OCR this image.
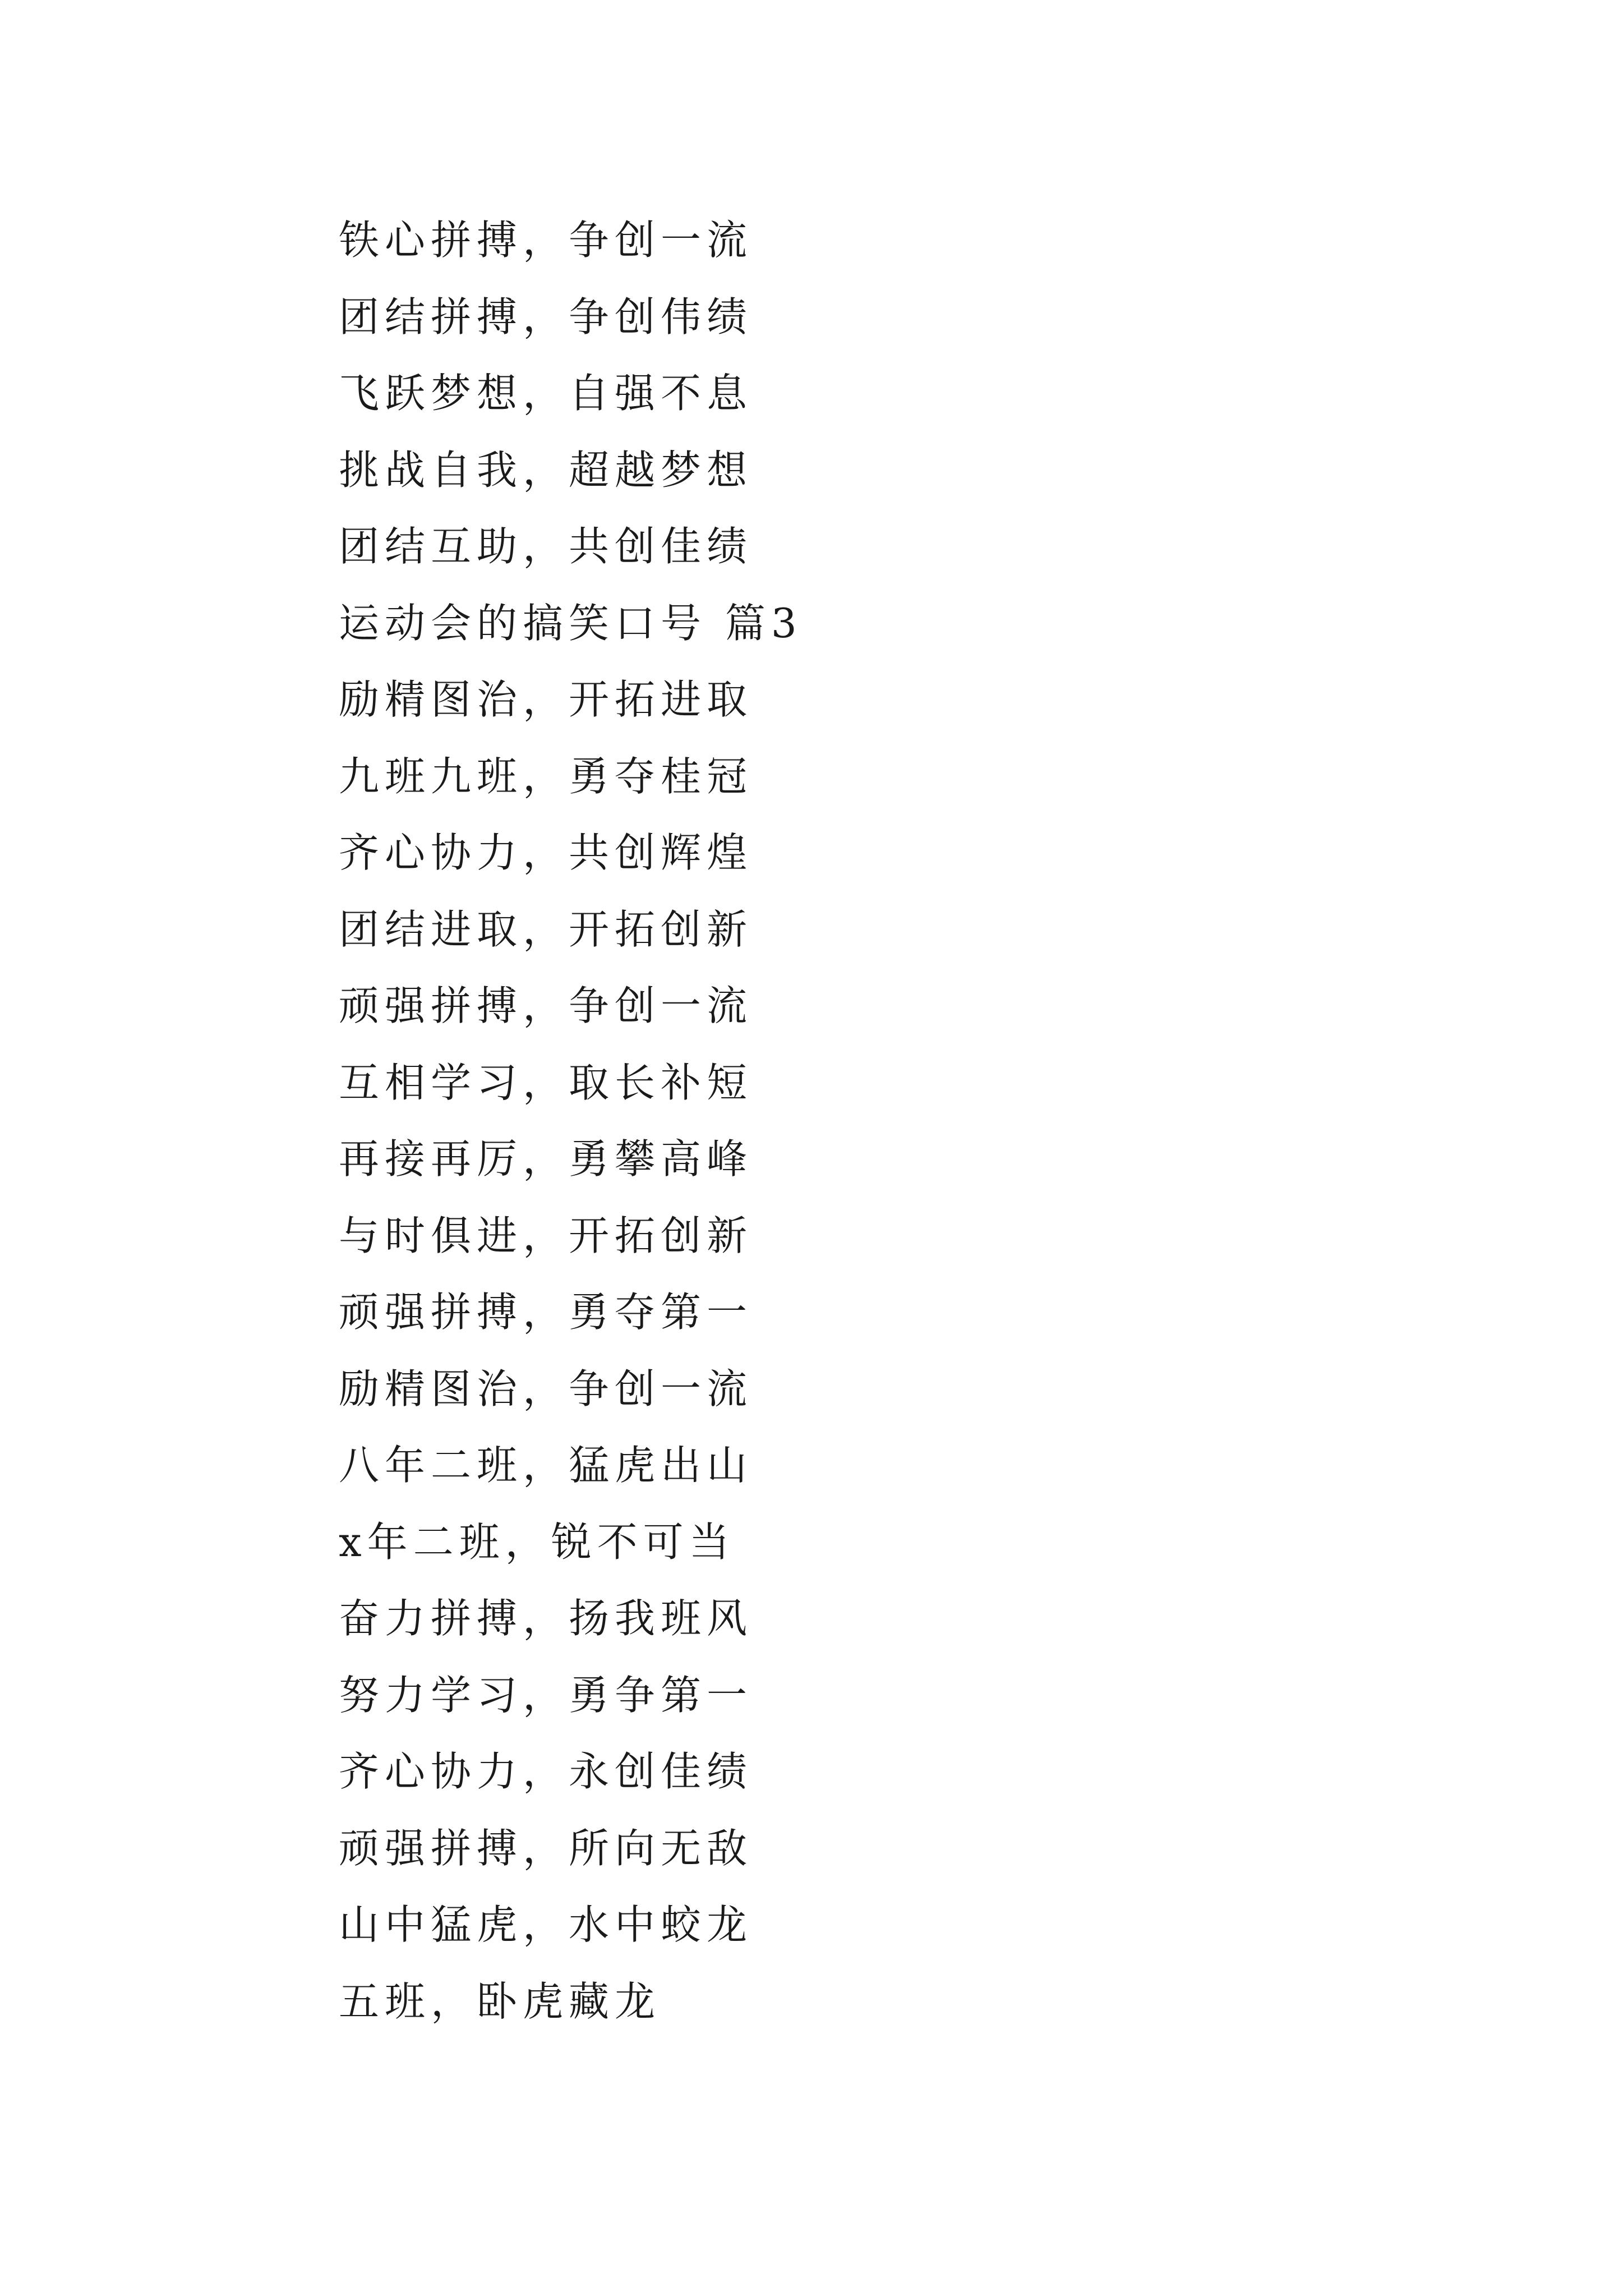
铁心拼搏，争创一流
团结拼搏，争创伟绩
飞跃梦想，自强不息
挑战自我，超越梦想
团结互助，共创佳绩
运动会的搞笑口号 篇3
励精图治，开拓进取
九班九班，勇夺桂冠
齐心协力，共创辉煌
团结进取，开拓创新
顽强拼搏，争创一流
互相学习，取长补短
再接再厉，勇攀高峰
与时俱进，开拓创新
顽强拼搏，勇夺第一
励精图治，争创一流
八年二班，猛虎出山
x年二班，锐不可当
奋力拼搏，扬我班风
努力学习，勇争第一
齐心协力，永创佳绩
顽强拼搏，所向无敌
山中猛虎，水中蛟龙
五班，卧虎藏龙
